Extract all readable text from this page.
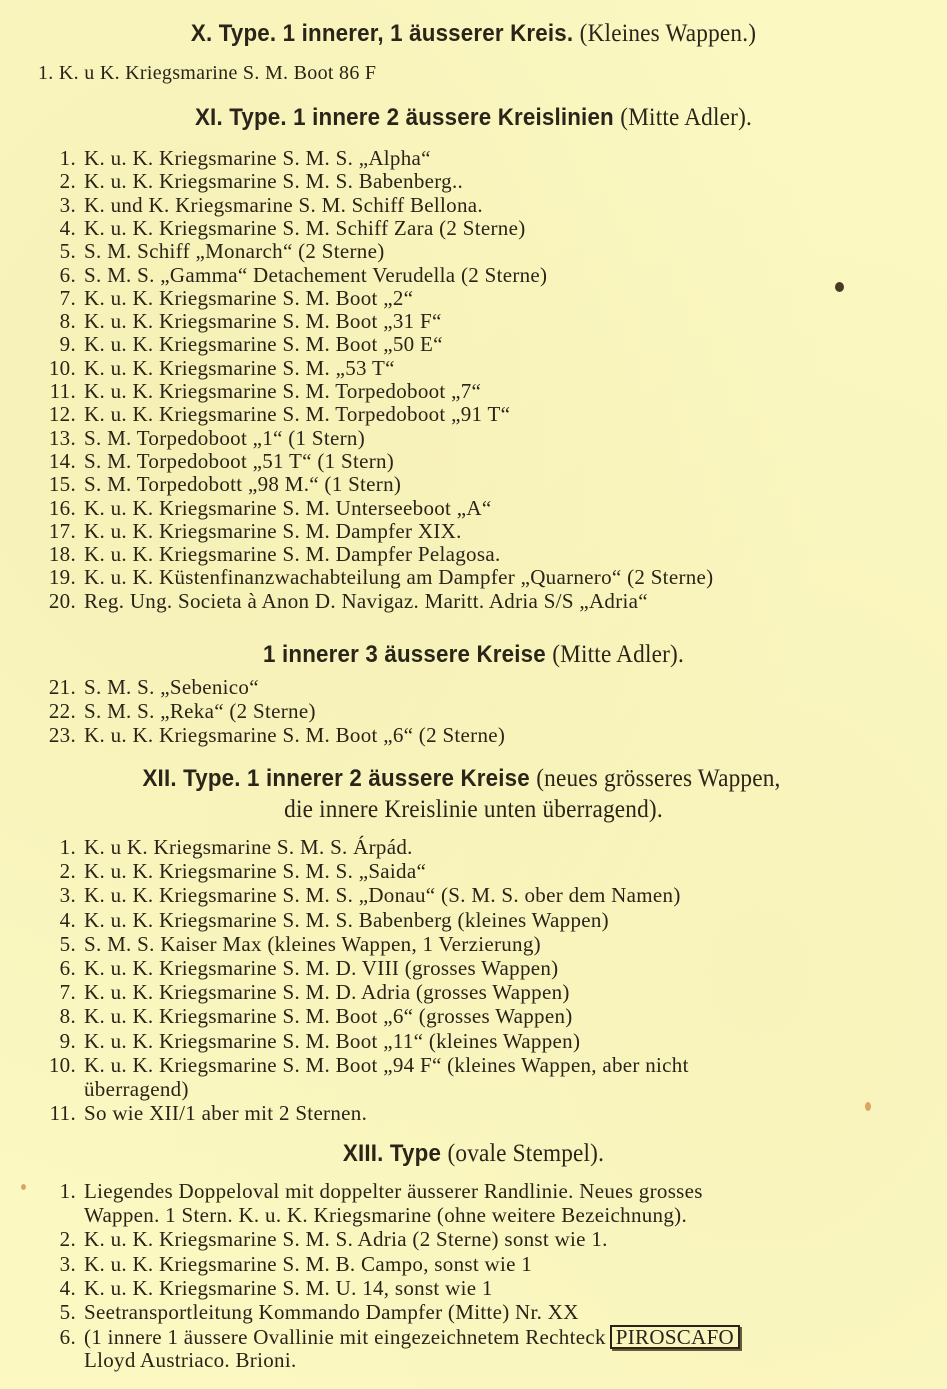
X. Type. 1 innerer, 1 äusserer Kreis. (Kleines Wappen.)
1. K. u K. Kriegsmarine S. M. Boot 86 F
XI. Type. 1 innere 2 äussere Kreislinien (Mitte Adler).
1. K. u. K. Kriegsmarine S. M. S. „Alpha“
2. K. u. K. Kriegsmarine S. M. S. Babenberg..
3. K. und K. Kriegsmarine S. M. Schiff Bellona.
4. K. u. K. Kriegsmarine S. M. Schiff Zara (2 Sterne)
5. S. M. Schiff „Monarch“ (2 Sterne)
6. S. M. S. „Gamma“ Detachement Verudella (2 Sterne)
7. K. u. K. Kriegsmarine S. M. Boot „2“
8. K. u. K. Kriegsmarine S. M. Boot „31 F“
9. K. u. K. Kriegsmarine S. M. Boot „50 E“
10. K. u. K. Kriegsmarine S. M. „53 T“
11. K. u. K. Kriegsmarine S. M. Torpedoboot „7“
12. K. u. K. Kriegsmarine S. M. Torpedoboot „91 T“
13. S. M. Torpedoboot „1“ (1 Stern)
14. S. M. Torpedoboot „51 T“ (1 Stern)
15. S. M. Torpedobott „98 M.“ (1 Stern)
16. K. u. K. Kriegsmarine S. M. Unterseeboot „A“
17. K. u. K. Kriegsmarine S. M. Dampfer XIX.
18. K. u. K. Kriegsmarine S. M. Dampfer Pelagosa.
19. K. u. K. Küstenfinanzwachabteilung am Dampfer „Quarnero“ (2 Sterne)
20. Reg. Ung. Societa à Anon D. Navigaz. Maritt. Adria S/S „Adria“
1 innerer 3 äussere Kreise (Mitte Adler).
21. S. M. S. „Sebenico“
22. S. M. S. „Reka“ (2 Sterne)
23. K. u. K. Kriegsmarine S. M. Boot „6“ (2 Sterne)
XII. Type. 1 innerer 2 äussere Kreise (neues grösseres Wappen,
die innere Kreislinie unten überragend).
1. K. u K. Kriegsmarine S. M. S. Árpád.
2. K. u. K. Kriegsmarine S. M. S. „Saida“
3. K. u. K. Kriegsmarine S. M. S. „Donau“ (S. M. S. ober dem Namen)
4. K. u. K. Kriegsmarine S. M. S. Babenberg (kleines Wappen)
5. S. M. S. Kaiser Max (kleines Wappen, 1 Verzierung)
6. K. u. K. Kriegsmarine S. M. D. VIII (grosses Wappen)
7. K. u. K. Kriegsmarine S. M. D. Adria (grosses Wappen)
8. K. u. K. Kriegsmarine S. M. Boot „6“ (grosses Wappen)
9. K. u. K. Kriegsmarine S. M. Boot „11“ (kleines Wappen)
10. K. u. K. Kriegsmarine S. M. Boot „94 F“ (kleines Wappen, aber nicht
überragend)
11. So wie XII/1 aber mit 2 Sternen.
XIII. Type (ovale Stempel).
1. Liegendes Doppeloval mit doppelter äusserer Randlinie. Neues grosses
Wappen. 1 Stern. K. u. K. Kriegsmarine (ohne weitere Bezeichnung).
2. K. u. K. Kriegsmarine S. M. S. Adria (2 Sterne) sonst wie 1.
3. K. u. K. Kriegsmarine S. M. B. Campo, sonst wie 1
4. K. u. K. Kriegsmarine S. M. U. 14, sonst wie 1
5. Seetransportleitung Kommando Dampfer (Mitte) Nr. XX
6. (1 innere 1 äussere Ovallinie mit eingezeichnetem Rechteck PIROSCAFO
Lloyd Austriaco. Brioni.
